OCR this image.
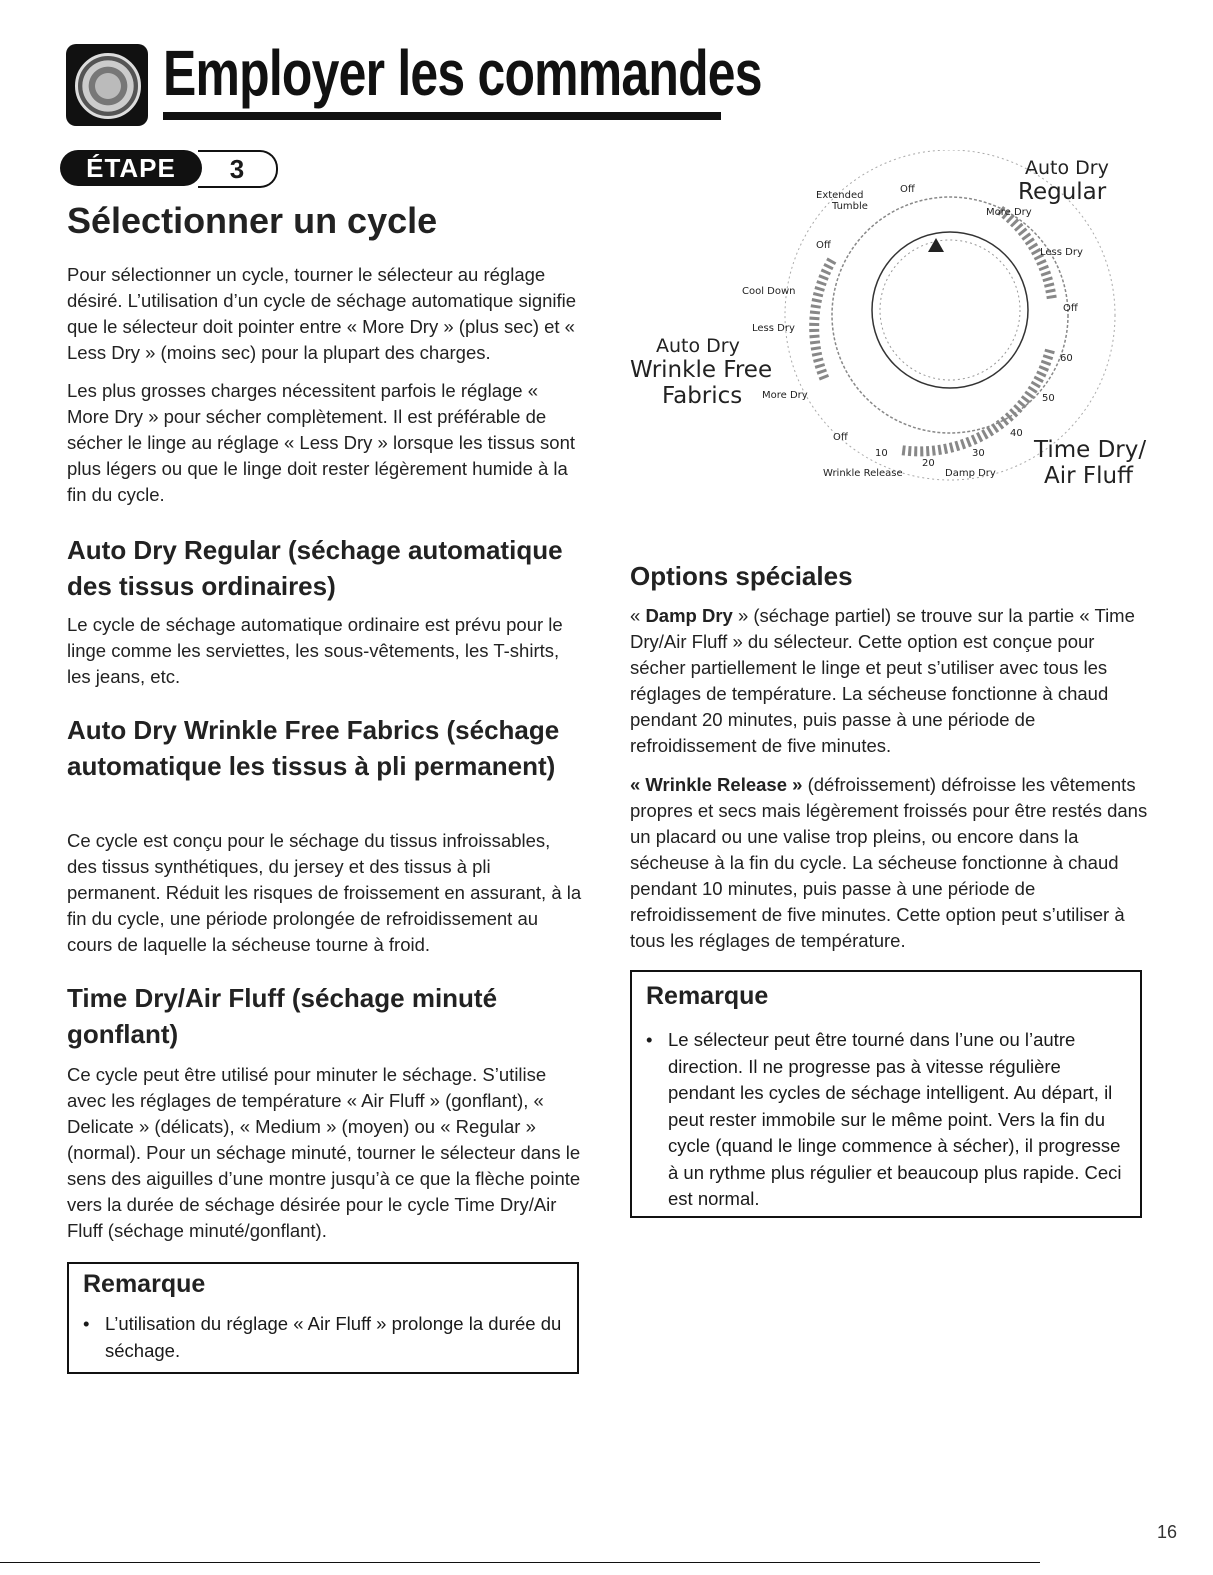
Employer les commandes
ÉTAPE	3
Sélectionner un cycle

Pour sélectionner un cycle, tourner le sélecteur au réglage désiré. L’utilisation d’un cycle de séchage automatique signifie que le sélecteur doit pointer entre « More Dry » (plus sec) et « Less Dry » (moins sec) pour la plupart des charges.

Les plus grosses charges nécessitent parfois le réglage « More Dry » pour sécher complètement. Il est préférable de sécher le linge au réglage « Less Dry » lorsque les tissus sont plus légers ou que le linge doit rester légèrement humide à la fin du cycle.

Auto Dry
Regular
Extended
Tumble
Off
More Dry
Off
Less Dry
Cool Down
Off
Less Dry
Auto Dry
Wrinkle Free	60
Fabrics More Dry	50
40
Off	Time Dry/
10	30
20	Air Fluff
Wrinkle Release	Damp Dry
Auto Dry Regular (séchage automatique des tissus ordinaires)

Le cycle de séchage automatique ordinaire est prévu pour le linge comme les serviettes, les sous-vêtements, les T-shirts, les jeans, etc.

Auto Dry Wrinkle Free Fabrics (séchage automatique les tissus à pli permanent)

Ce cycle est conçu pour le séchage du tissus infroissables, des tissus synthétiques, du jersey et des tissus à pli permanent. Réduit les risques de froissement en assurant, à la fin du cycle, une période prolongée de refroidissement au cours de laquelle la sécheuse tourne à froid.

Time Dry/Air Fluff (séchage minuté gonflant)

Ce cycle peut être utilisé pour minuter le séchage. S’utilise avec les réglages de température « Air Fluff » (gonflant), « Delicate » (délicats), « Medium » (moyen) ou « Regular » (normal). Pour un séchage minuté, tourner le sélecteur dans le sens des aiguilles d’une montre jusqu’à ce que la flèche pointe vers la durée de séchage désirée pour le cycle Time Dry/Air Fluff (séchage minuté/gonflant).

Remarque
• L’utilisation du réglage « Air Fluff » prolonge la durée du séchage.
Options spéciales

« Damp Dry » (séchage partiel) se trouve sur la partie « Time Dry/Air Fluff » du sélecteur. Cette option est conçue pour sécher partiellement le linge et peut s’utiliser avec tous les réglages de température. La sécheuse fonctionne à chaud pendant 20 minutes, puis passe à une période de refroidissement de five minutes.

« Wrinkle Release » (défroissement) défroisse les vêtements propres et secs mais légèrement froissés pour être restés dans un placard ou une valise trop pleins, ou encore dans la sécheuse à la fin du cycle. La sécheuse fonctionne à chaud pendant 10 minutes, puis passe à une période de refroidissement de five minutes. Cette option peut s’utiliser à tous les réglages de température.

Remarque
• Le sélecteur peut être tourné dans l’une ou l’autre direction. Il ne progresse pas à vitesse régulière pendant les cycles de séchage intelligent. Au départ, il peut rester immobile sur le même point. Vers la fin du cycle (quand le linge commence à sécher), il progresse à un rythme plus régulier et beaucoup plus rapide. Ceci est normal.
16
